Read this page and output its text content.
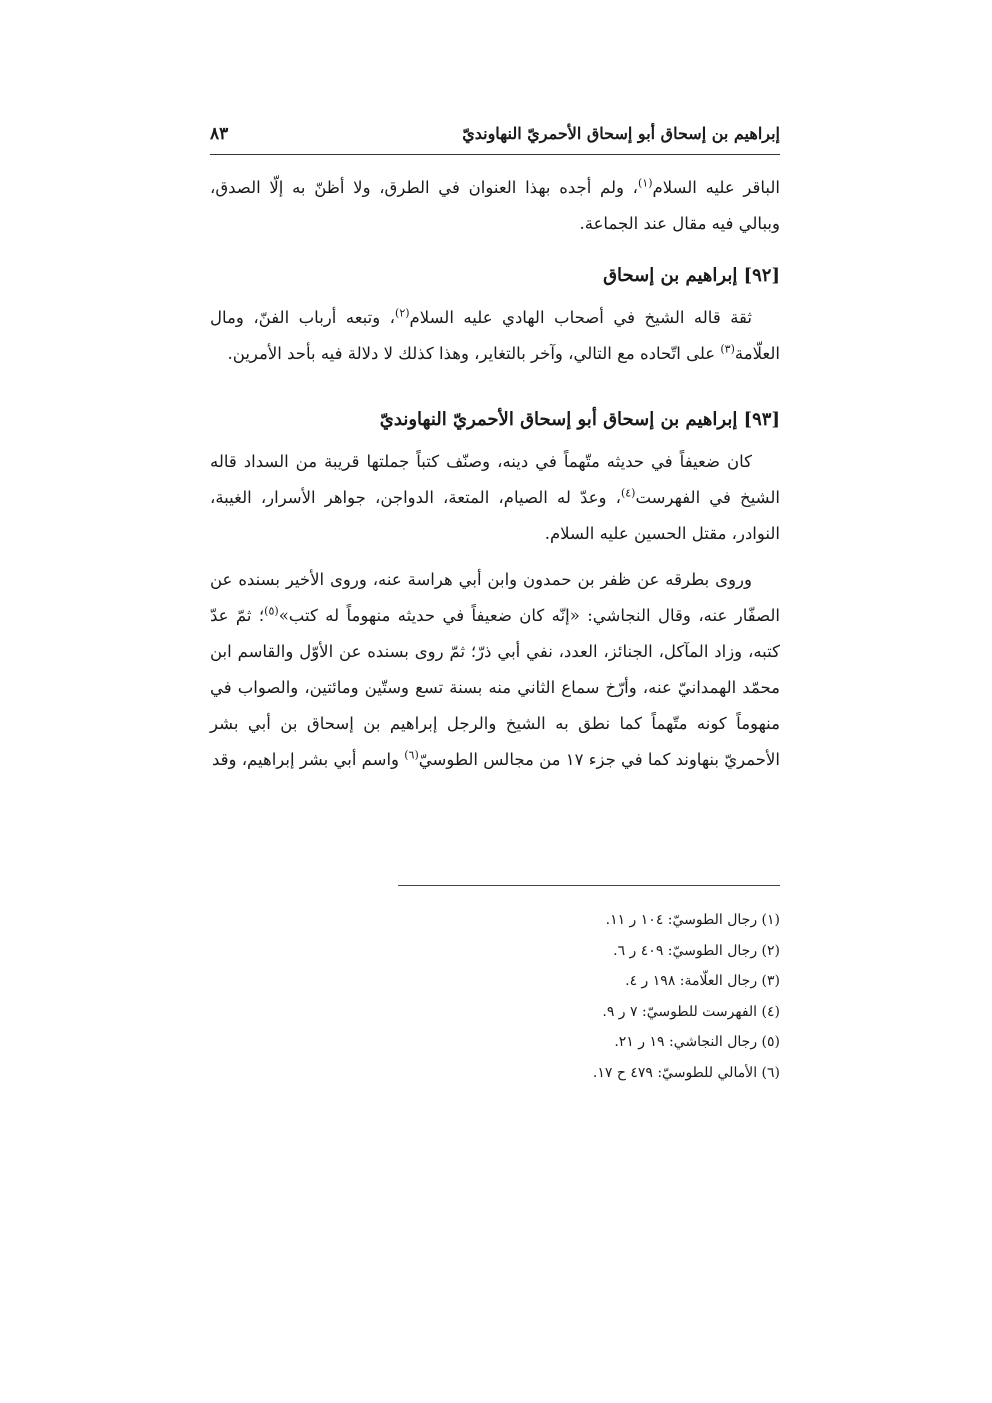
إبراهيم بن إسحاق أبو إسحاق الأحمريّ النهاونديّ
٨٣

الباقر عليه السلام$^{(١)}$، ولم أجده بهذا العنوان في الطرق، ولا أظنّ به إلّا الصدق، وببالي فيه مقال عند الجماعة.

[٩٢] إبراهيم بن إسحاق

ثقة قاله الشيخ في أصحاب الهادي عليه السلام$^{(٢)}$، وتبعه أرباب الفنّ، ومال العلّامة$^{(٣)}$ على اتّحاده مع التالي، وآخر بالتغاير، وهذا كذلك لا دلالة فيه بأحد الأمرين.

[٩٣] إبراهيم بن إسحاق أبو إسحاق الأحمريّ النهاونديّ

كان ضعيفاً في حديثه متّهماً في دينه، وصنّف كتباً جملتها قريبة من السداد قاله الشيخ في الفهرست$^{(٤)}$، وعدّ له الصيام، المتعة، الدواجن، جواهر الأسرار، الغيبة، النوادر، مقتل الحسين عليه السلام.

وروى بطرقه عن ظفر بن حمدون وابن أبي هراسة عنه، وروى الأخير بسنده عن الصفّار عنه، وقال النجاشي: «إنّه كان ضعيفاً في حديثه منهوماً له كتب»$^{(٥)}$؛ ثمّ عدّ كتبه، وزاد المآكل، الجنائز، العدد، نفي أبي ذرّ؛ ثمّ روى بسنده عن الأوّل والقاسم ابن محمّد الهمدانيّ عنه، وأرّخ سماع الثاني منه بسنة تسع وستّين ومائتين، والصواب في منهوماً كونه متّهماً كما نطق به الشيخ والرجل إبراهيم بن إسحاق بن أبي بشر الأحمريّ بنهاوند كما في جزء ١٧ من مجالس الطوسيّ$^{(٦)}$ واسم أبي بشر إبراهيم، وقد

(١) رجال الطوسيّ: ١٠٤ ر ١١.

(٢) رجال الطوسيّ: ٤٠٩ ر ٦.

(٣) رجال العلّامة: ١٩٨ ر ٤.

(٤) الفهرست للطوسيّ: ٧ ر ٩.

(٥) رجال النجاشي: ١٩ ر ٢١.

(٦) الأمالي للطوسيّ: ٤٧٩ ح ١٧.
